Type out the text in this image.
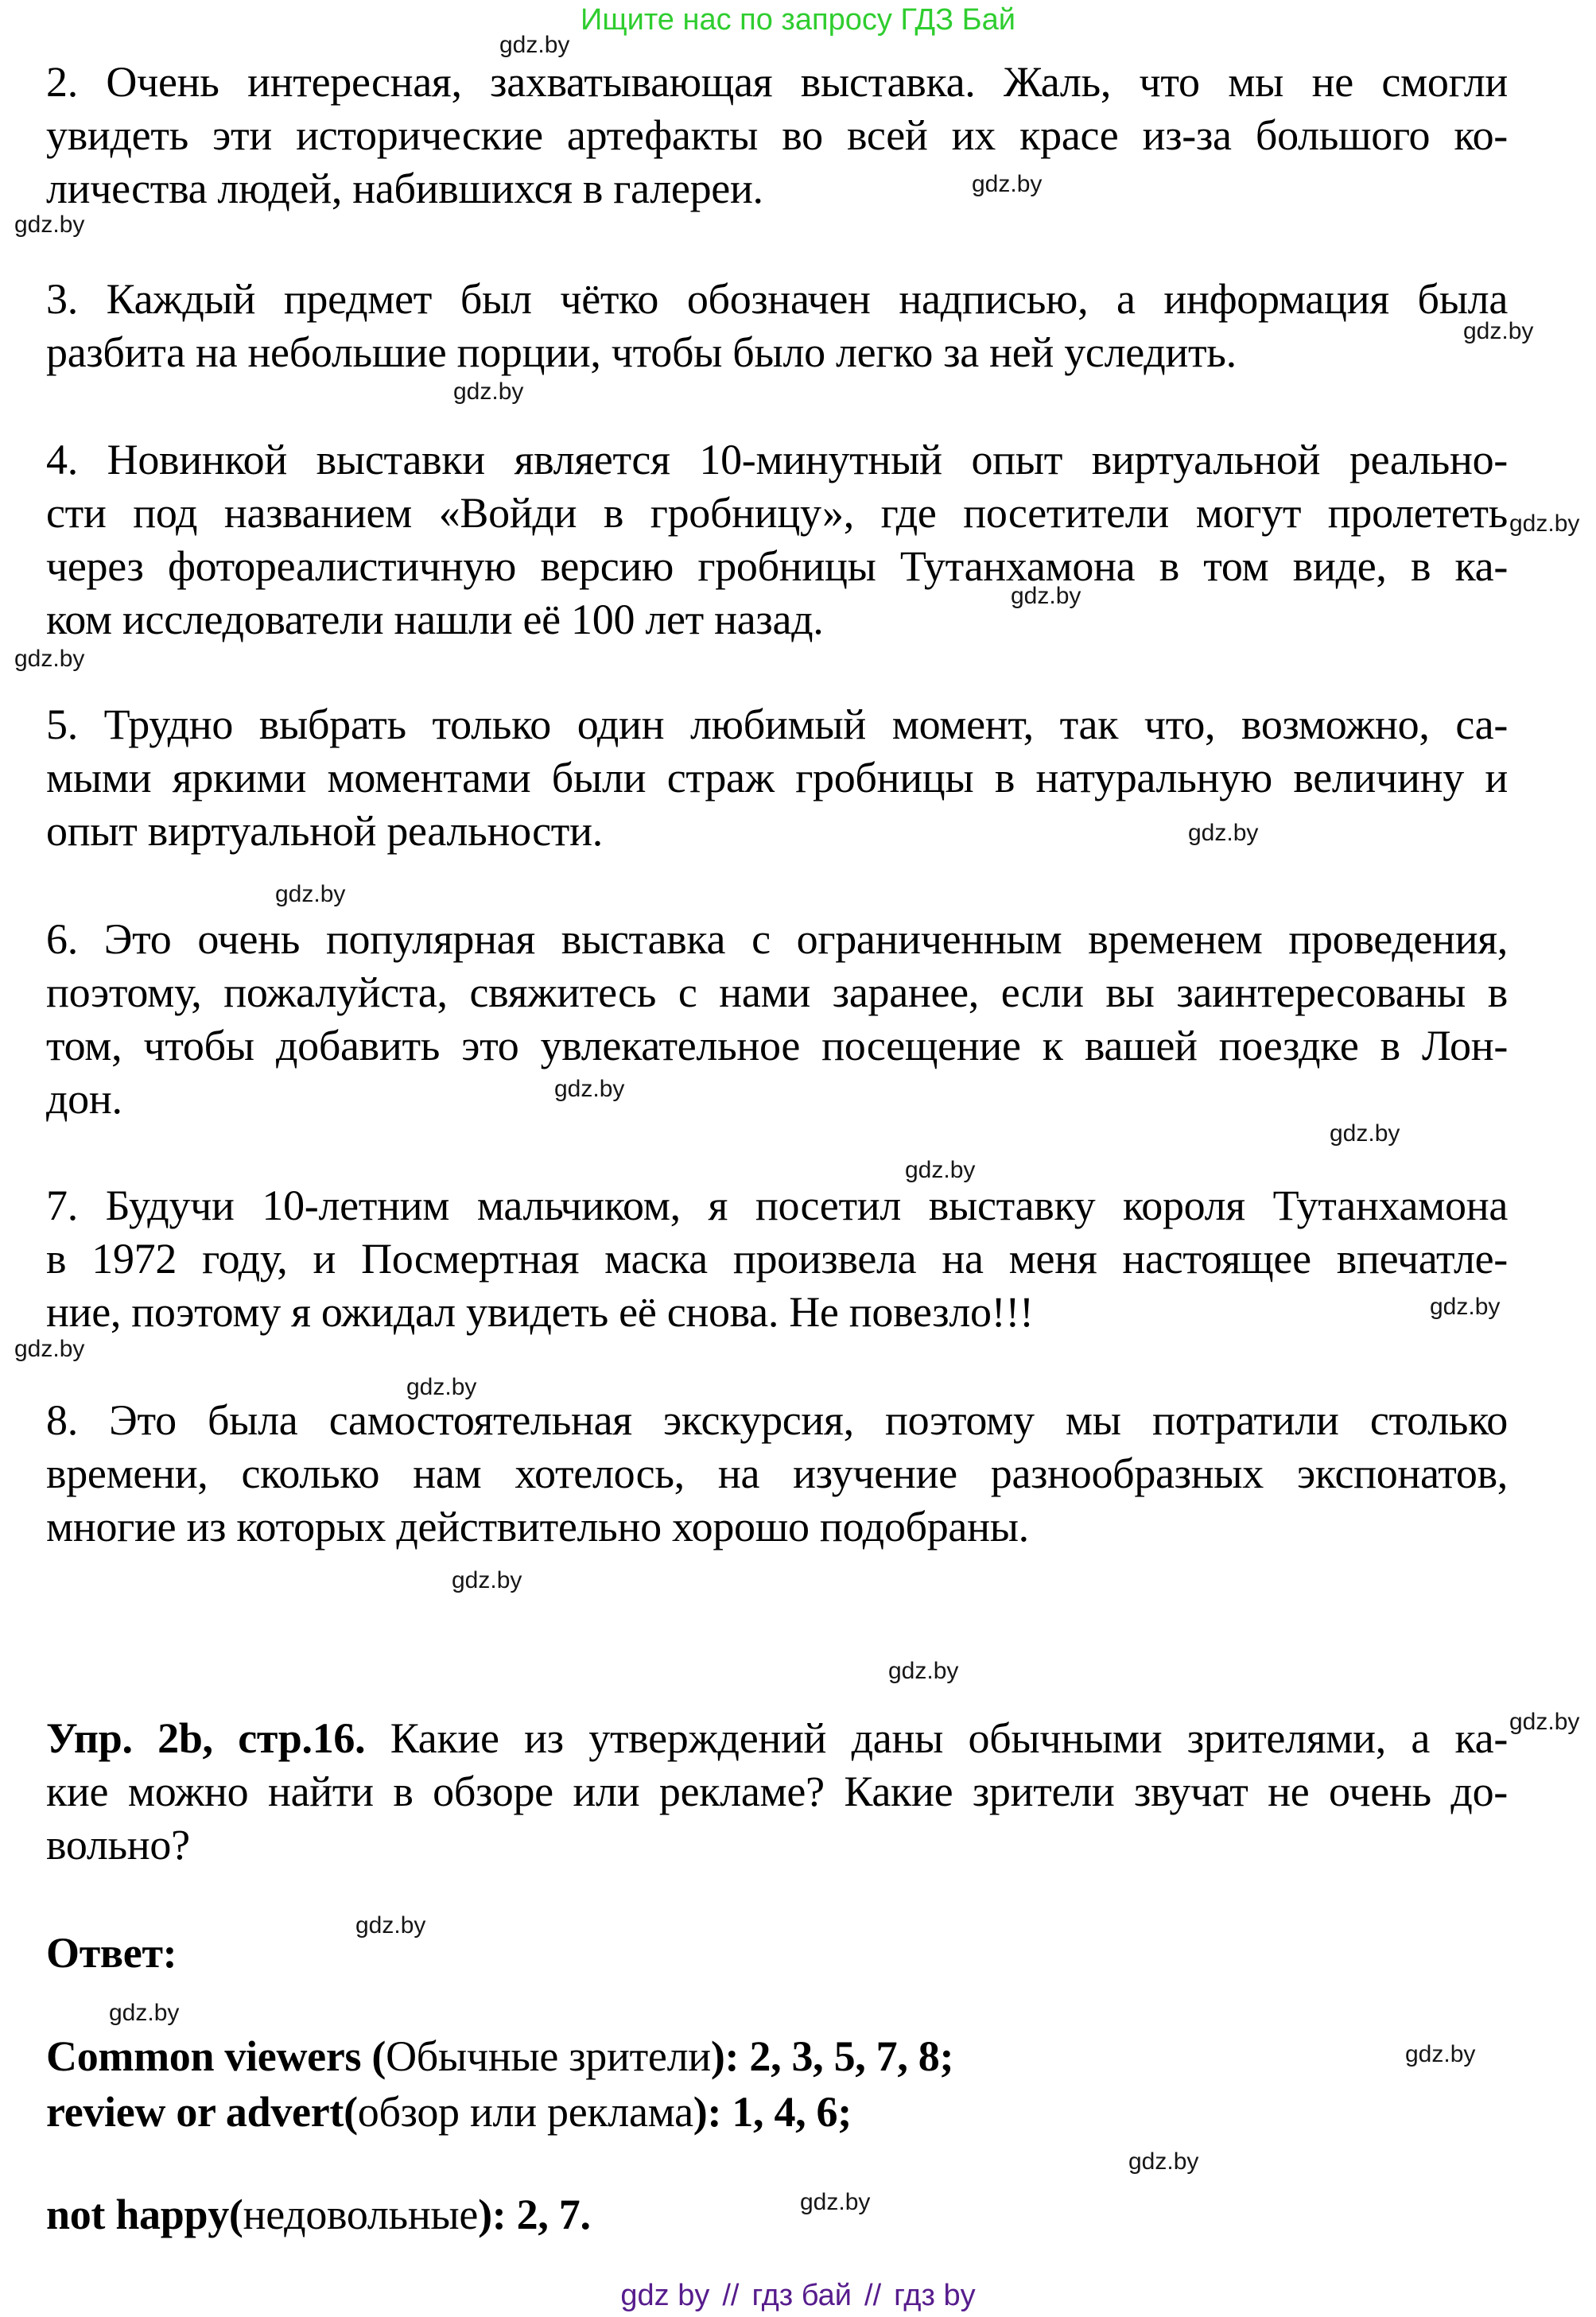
Ищите нас по запросу ГДЗ Бай
gdz.by
gdz.by
gdz.by
gdz.by
gdz.by
gdz.by
gdz.by
gdz.by
gdz.by
gdz.by
gdz.by
gdz.by
gdz.by
gdz.by
gdz.by
gdz.by
gdz.by
gdz.by
gdz.by
gdz.by
gdz.by
gdz.by
gdz.by
gdz.by
2. Очень интересная, захватывающая выставка. Жаль, что мы не смогли
увидеть эти исторические артефакты во всей их красе из-за большого ко-
личества людей, набившихся в галереи.
3. Каждый предмет был чётко обозначен надписью, а информация была
разбита на небольшие порции, чтобы было легко за ней уследить.
4. Новинкой выставки является 10-минутный опыт виртуальной реально-
сти под названием «Войди в гробницу», где посетители могут пролететь
через фотореалистичную версию гробницы Тутанхамона в том виде, в ка-
ком исследователи нашли её 100 лет назад.
5. Трудно выбрать только один любимый момент, так что, возможно, са-
мыми яркими моментами были страж гробницы в натуральную величину и
опыт виртуальной реальности.
6. Это очень популярная выставка с ограниченным временем проведения,
поэтому, пожалуйста, свяжитесь с нами заранее, если вы заинтересованы в
том, чтобы добавить это увлекательное посещение к вашей поездке в Лон-
дон.
7. Будучи 10-летним мальчиком, я посетил выставку короля Тутанхамона
в 1972 году, и Посмертная маска произвела на меня настоящее впечатле-
ние, поэтому я ожидал увидеть её снова. Не повезло!!!
8. Это была самостоятельная экскурсия, поэтому мы потратили столько
времени, сколько нам хотелось, на изучение разнообразных экспонатов,
многие из которых действительно хорошо подобраны.
Упр. 2b, стр.16. Какие из утверждений даны обычными зрителями, а ка-
кие можно найти в обзоре или рекламе? Какие зрители звучат не очень до-
вольно?
Ответ:
Common viewers (Обычные зрители): 2, 3, 5, 7, 8;
review or advert(обзор или реклама): 1, 4, 6;
not happy(недовольные): 2, 7.
gdz by // гдз бай // гдз by
